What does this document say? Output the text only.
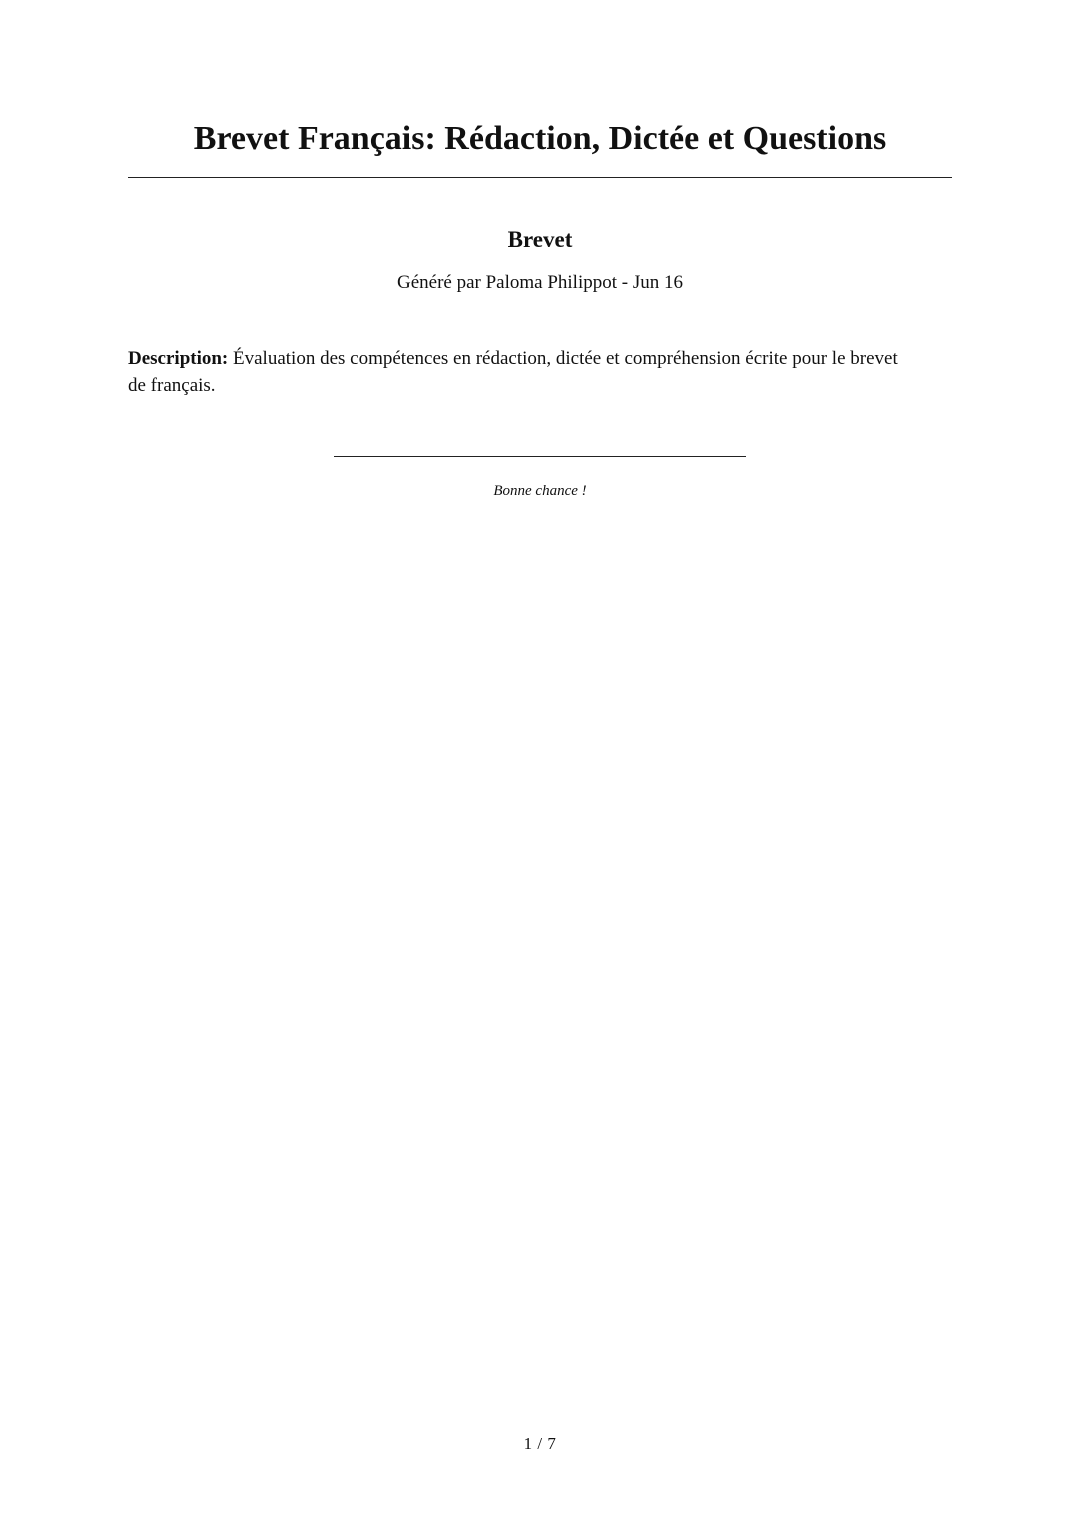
Brevet Français: Rédaction, Dictée et Questions
Brevet
Généré par Paloma Philippot - Jun 16

Description: Évaluation des compétences en rédaction, dictée et compréhension écrite pour le brevet de français.

Bonne chance !
1 / 7
